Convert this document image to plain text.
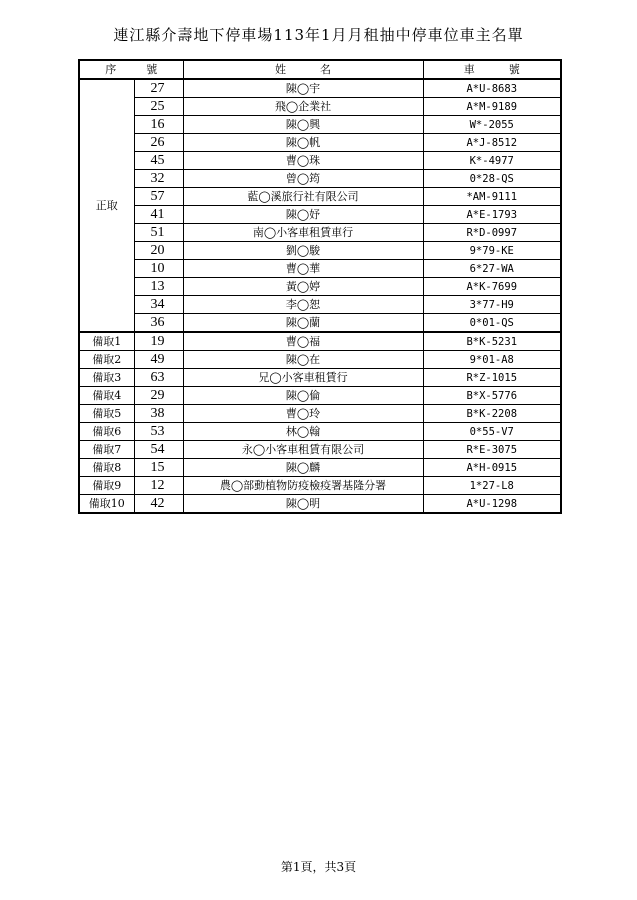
連江縣介壽地下停車場113年1月月租抽中停車位車主名單
序 號		姓 名	車 號
正取	27	陳◯宇	A*U-8683
	25	飛◯企業社	A*M-9189
	16	陳◯興	W*-2055
	26	陳◯帆	A*J-8512
	45	曹◯珠	K*-4977
	32	曾◯筠	0*28-QS
	57	藍◯溪旅行社有限公司	*AM-9111
	41	陳◯妤	A*E-1793
	51	南◯小客車租賃車行	R*D-0997
	20	劉◯駿	9*79-KE
	10	曹◯華	6*27-WA
	13	黃◯婷	A*K-7699
	34	李◯恕	3*77-H9
	36	陳◯蘭	0*01-QS
備取1	19	曹◯福	B*K-5231
備取2	49	陳◯在	9*01-A8
備取3	63	兄◯小客車租賃行	R*Z-1015
備取4	29	陳◯倫	B*X-5776
備取5	38	曹◯玲	B*K-2208
備取6	53	林◯翰	0*55-V7
備取7	54	永◯小客車租賃有限公司	R*E-3075
備取8	15	陳◯麟	A*H-0915
備取9	12	農◯部動植物防疫檢疫署基隆分署	1*27-L8
備取10	42	陳◯明	A*U-1298
第1頁，共3頁
